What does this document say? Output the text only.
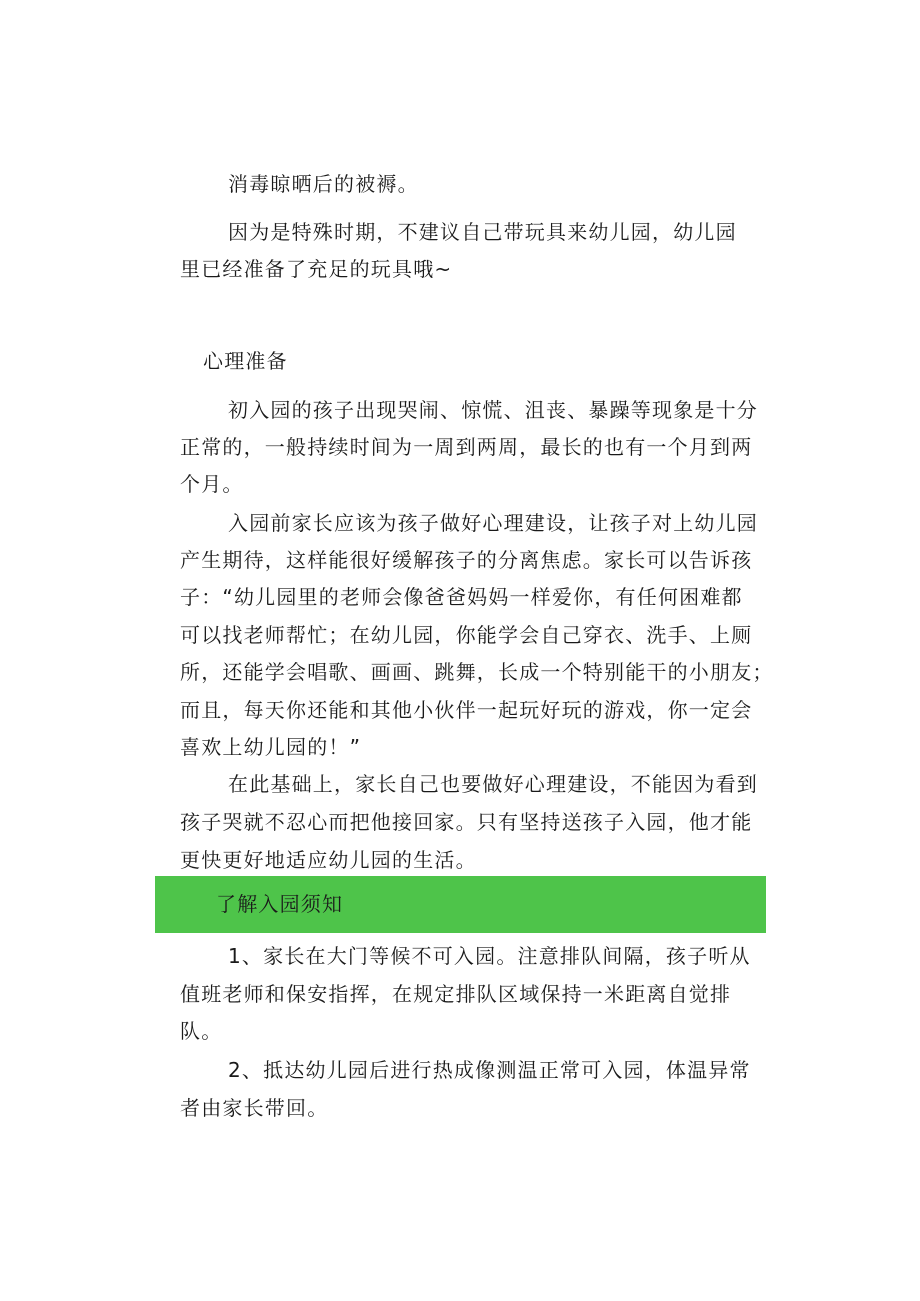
消毒晾晒后的被褥。
因为是特殊时期，不建议自己带玩具来幼儿园，幼儿园
里已经准备了充足的玩具哦~
心理准备
初入园的孩子出现哭闹、惊慌、沮丧、暴躁等现象是十分
正常的，一般持续时间为一周到两周，最长的也有一个月到两
个月。
入园前家长应该为孩子做好心理建设，让孩子对上幼儿园
产生期待，这样能很好缓解孩子的分离焦虑。家长可以告诉孩
子：“幼儿园里的老师会像爸爸妈妈一样爱你，有任何困难都
可以找老师帮忙；在幼儿园，你能学会自己穿衣、洗手、上厕
所，还能学会唱歌、画画、跳舞，长成一个特别能干的小朋友；
而且，每天你还能和其他小伙伴一起玩好玩的游戏，你一定会
喜欢上幼儿园的！”
在此基础上，家长自己也要做好心理建设，不能因为看到
孩子哭就不忍心而把他接回家。只有坚持送孩子入园，他才能
更快更好地适应幼儿园的生活。
了解入园须知
1、家长在大门等候不可入园。注意排队间隔，孩子听从
值班老师和保安指挥，在规定排队区域保持一米距离自觉排
队。
2、抵达幼儿园后进行热成像测温正常可入园，体温异常
者由家长带回。
